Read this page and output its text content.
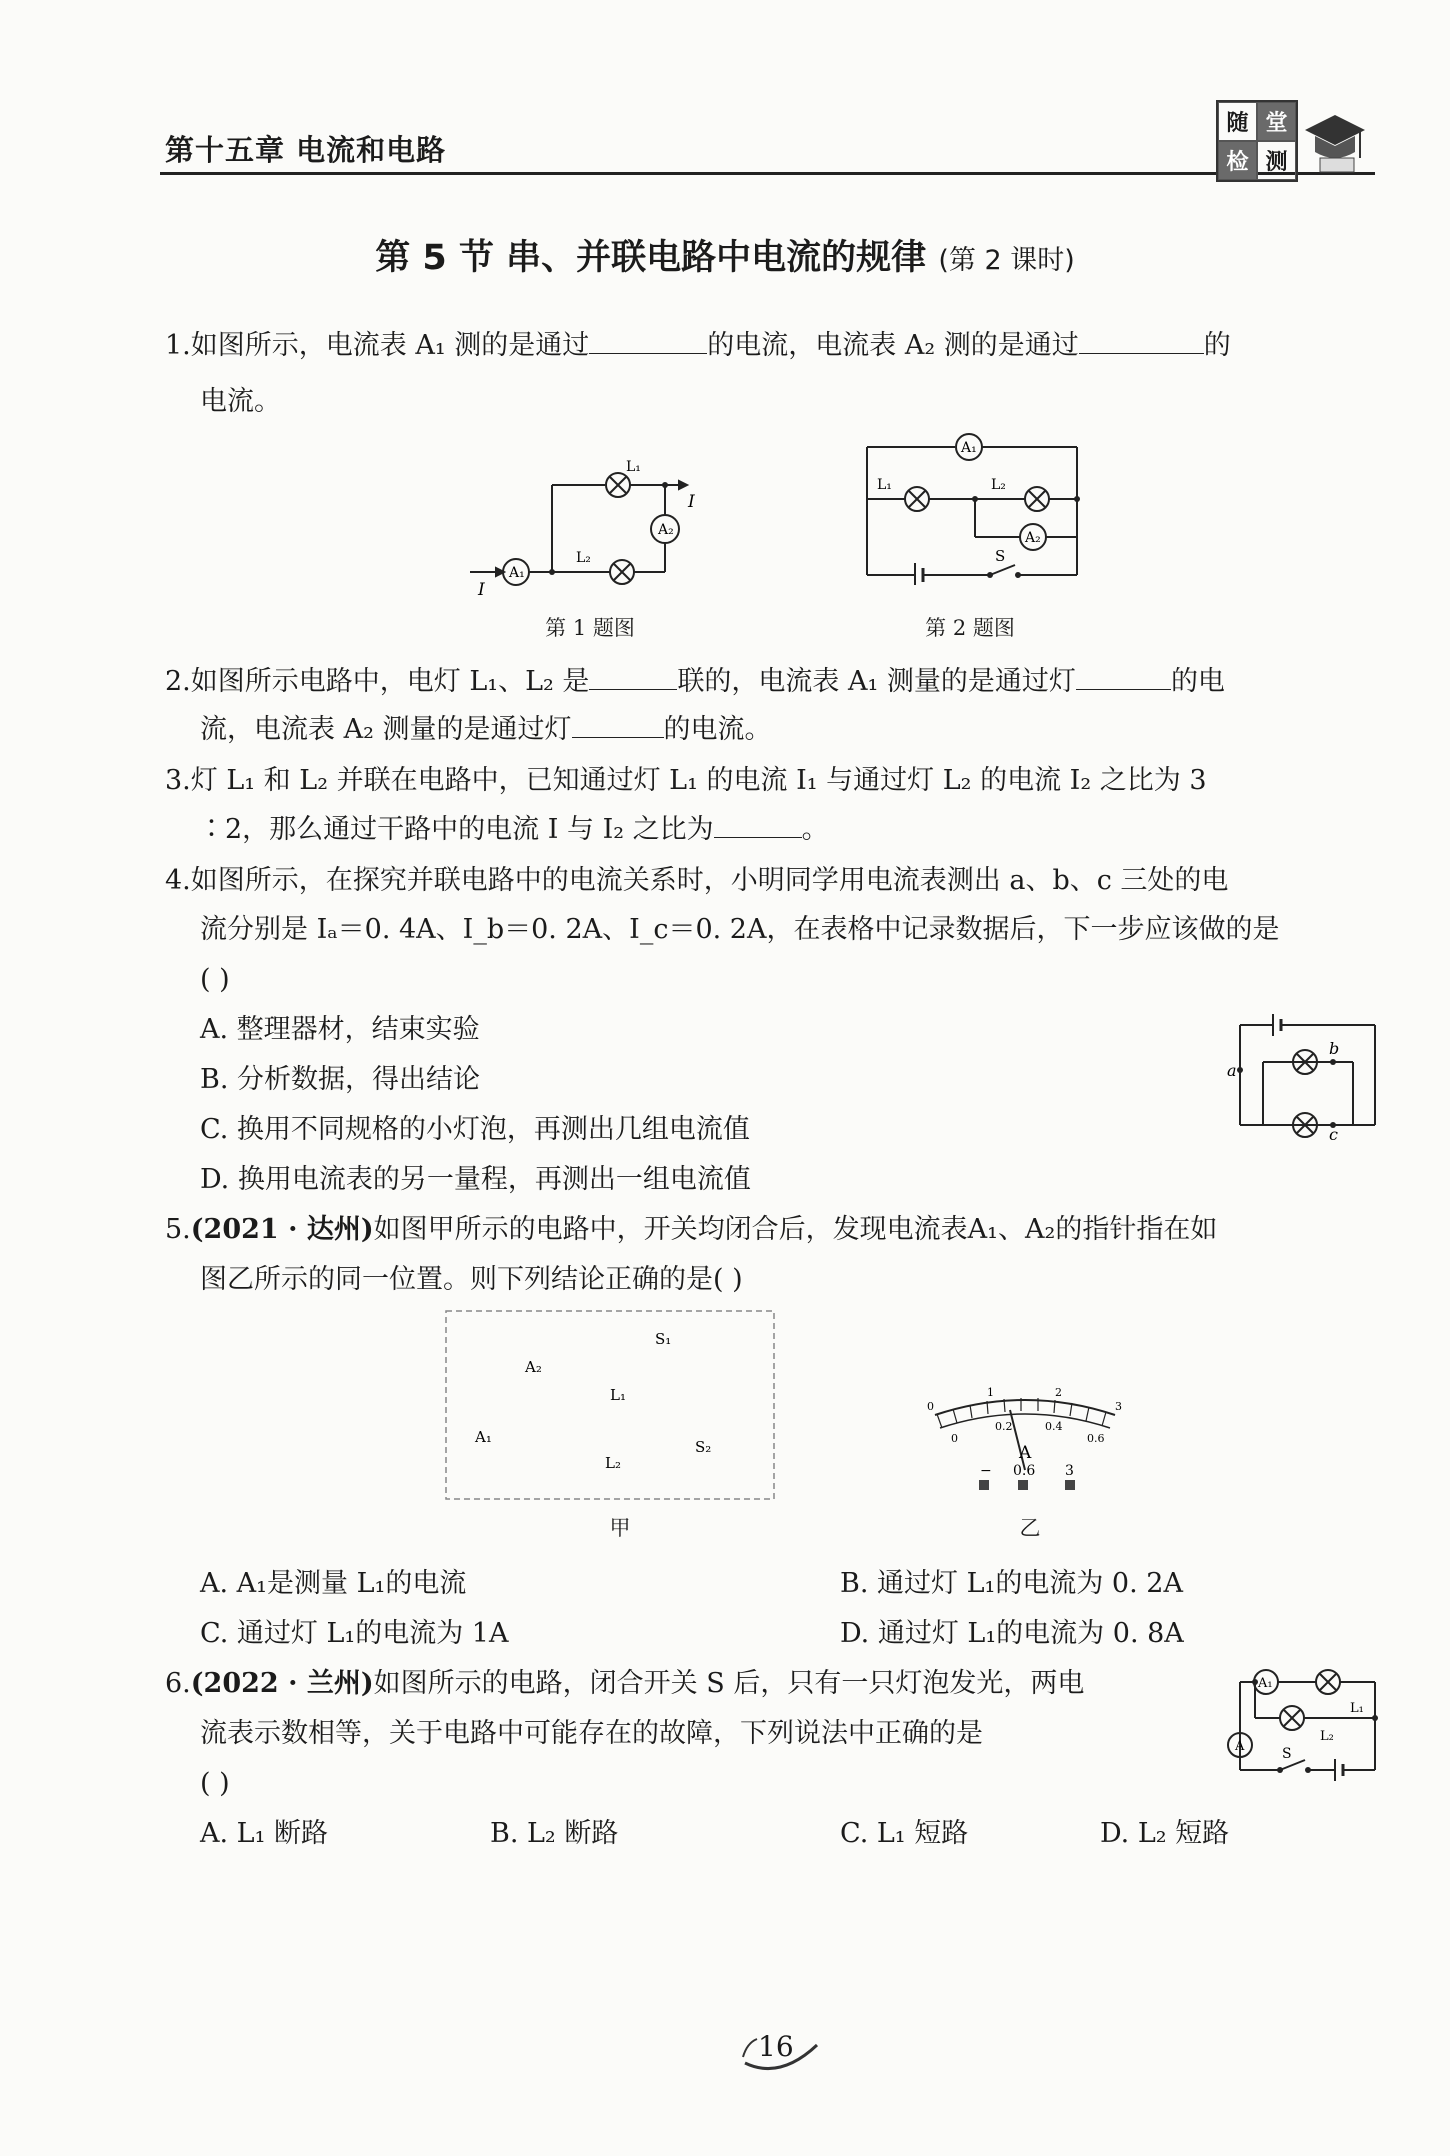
第十五章 电流和电路
随 堂
检 测
第 5 节 串、并联电路中电流的规律 (第 2 课时)
1.如图所示，电流表 A₁ 测的是通过	的电流，电流表 A₂ 测的是通过	的
电流。
A₁
A₂
L₁
L₂
I
I
第 1 题图
A₁
A₂
L₁	L₂
S
第 2 题图
2.如图所示电路中，电灯 L₁、L₂ 是	联的，电流表 A₁ 测量的是通过灯	的电
流，电流表 A₂ 测量的是通过灯	的电流。
3.灯 L₁ 和 L₂ 并联在电路中，已知通过灯 L₁ 的电流 I₁ 与通过灯 L₂ 的电流 I₂ 之比为 3
∶2，那么通过干路中的电流 I 与 I₂ 之比为	。
4.如图所示，在探究并联电路中的电流关系时，小明同学用电流表测出 a、b、c 三处的电
流分别是 Iₐ＝0. 4A、I_b＝0. 2A、I_c＝0. 2A，在表格中记录数据后，下一步应该做的是
( )
A. 整理器材，结束实验
B. 分析数据，得出结论
C. 换用不同规格的小灯泡，再测出几组电流值
D. 换用电流表的另一量程，再测出一组电流值
a
b
c
5.(2021 · 达州)如图甲所示的电路中，开关均闭合后，发现电流表A₁、A₂的指针指在如
图乙所示的同一位置。则下列结论正确的是( )
A₂
A₁
S₁
S₂
L₁
L₂
甲
0
1	2
3
0
0.2	0.4
0.6
A
− 0.6 3
乙
A. A₁是测量 L₁的电流	B. 通过灯 L₁的电流为 0. 2A
C. 通过灯 L₁的电流为 1A	D. 通过灯 L₁的电流为 0. 8A
6.(2022 · 兰州)如图所示的电路，闭合开关 S 后，只有一只灯泡发光，两电
流表示数相等，关于电路中可能存在的故障，下列说法中正确的是
( )
A₁
A
L₁
L₂
S
A. L₁ 断路	B. L₂ 断路	C. L₁ 短路	D. L₂ 短路
16
